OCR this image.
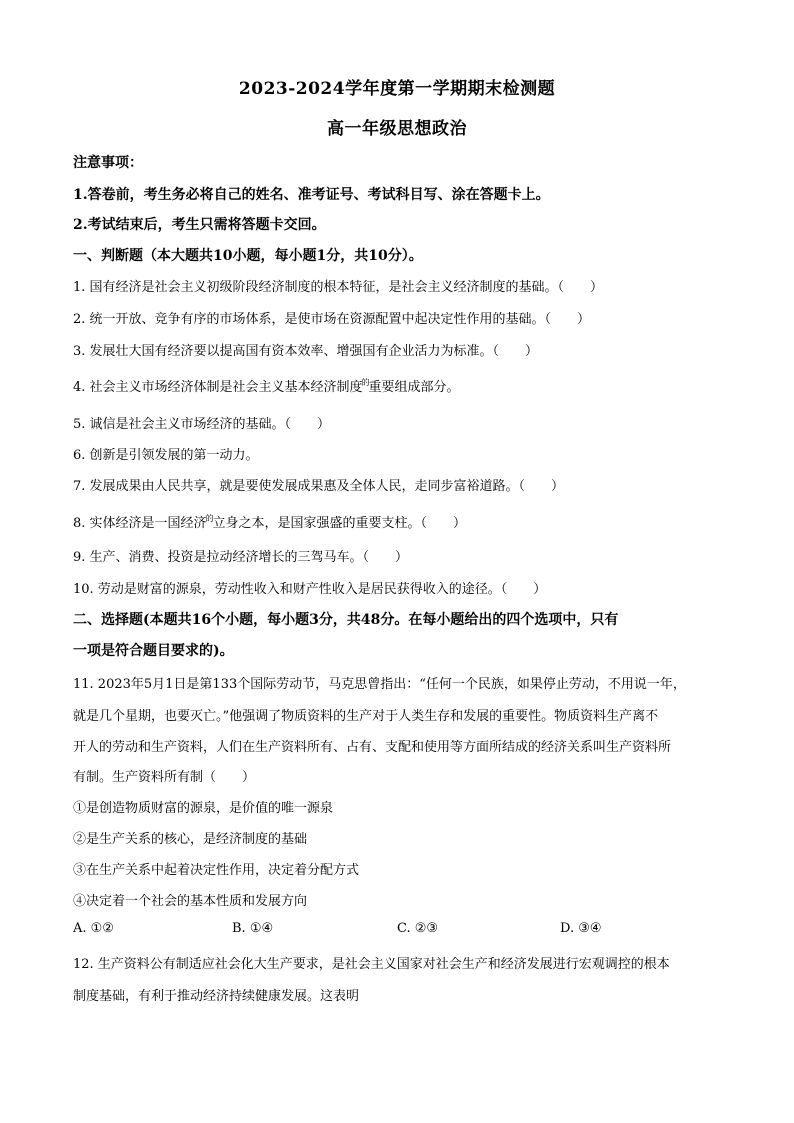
2023-2024学年度第一学期期末检测题
高一年级思想政治
注意事项：
1.答卷前，考生务必将自己的姓名、准考证号、考试科目写、涂在答题卡上。
2.考试结束后，考生只需将答题卡交回。
一、判断题（本大题共10小题，每小题1分，共10分）。
1. 国有经济是社会主义初级阶段经济制度的根本特征，是社会主义经济制度的基础。（　　）
2. 统一开放、竞争有序的市场体系，是使市场在资源配置中起决定性作用的基础。（　　）
3. 发展壮大国有经济要以提高国有资本效率、增强国有企业活力为标准。（　　）
4. 社会主义市场经济体制是社会主义基本经济制度$^的$重要组成部分。
5. 诚信是社会主义市场经济的基础。（　　）
6. 创新是引领发展的第一动力。
7. 发展成果由人民共享，就是要使发展成果惠及全体人民，走同步富裕道路。（　　）
8. 实体经济是一国经济$^的$立身之本，是国家强盛的重要支柱。（　　）
9. 生产、消费、投资是拉动经济增长的三驾马车。（　　）
10. 劳动是财富的源泉，劳动性收入和财产性收入是居民获得收入的途径。（　　）
二、选择题(本题共16个小题，每小题3分，共48分。在每小题给出的四个选项中，只有
一项是符合题目要求的)。
11. 2023年5月1日是第133个国际劳动节，马克思曾指出：“任何一个民族，如果停止劳动，不用说一年，
就是几个星期，也要灭亡。”他强调了物质资料的生产对于人类生存和发展的重要性。物质资料生产离不
开人的劳动和生产资料，人们在生产资料所有、占有、支配和使用等方面所结成的经济关系叫生产资料所
有制。生产资料所有制（　　）
①是创造物质财富的源泉，是价值的唯一源泉
②是生产关系的核心，是经济制度的基础
③在生产关系中起着决定性作用，决定着分配方式
④决定着一个社会的基本性质和发展方向
A. ①②	B. ①④	C. ②③	D. ③④
12. 生产资料公有制适应社会化大生产要求，是社会主义国家对社会生产和经济发展进行宏观调控的根本
制度基础，有利于推动经济持续健康发展。这表明
